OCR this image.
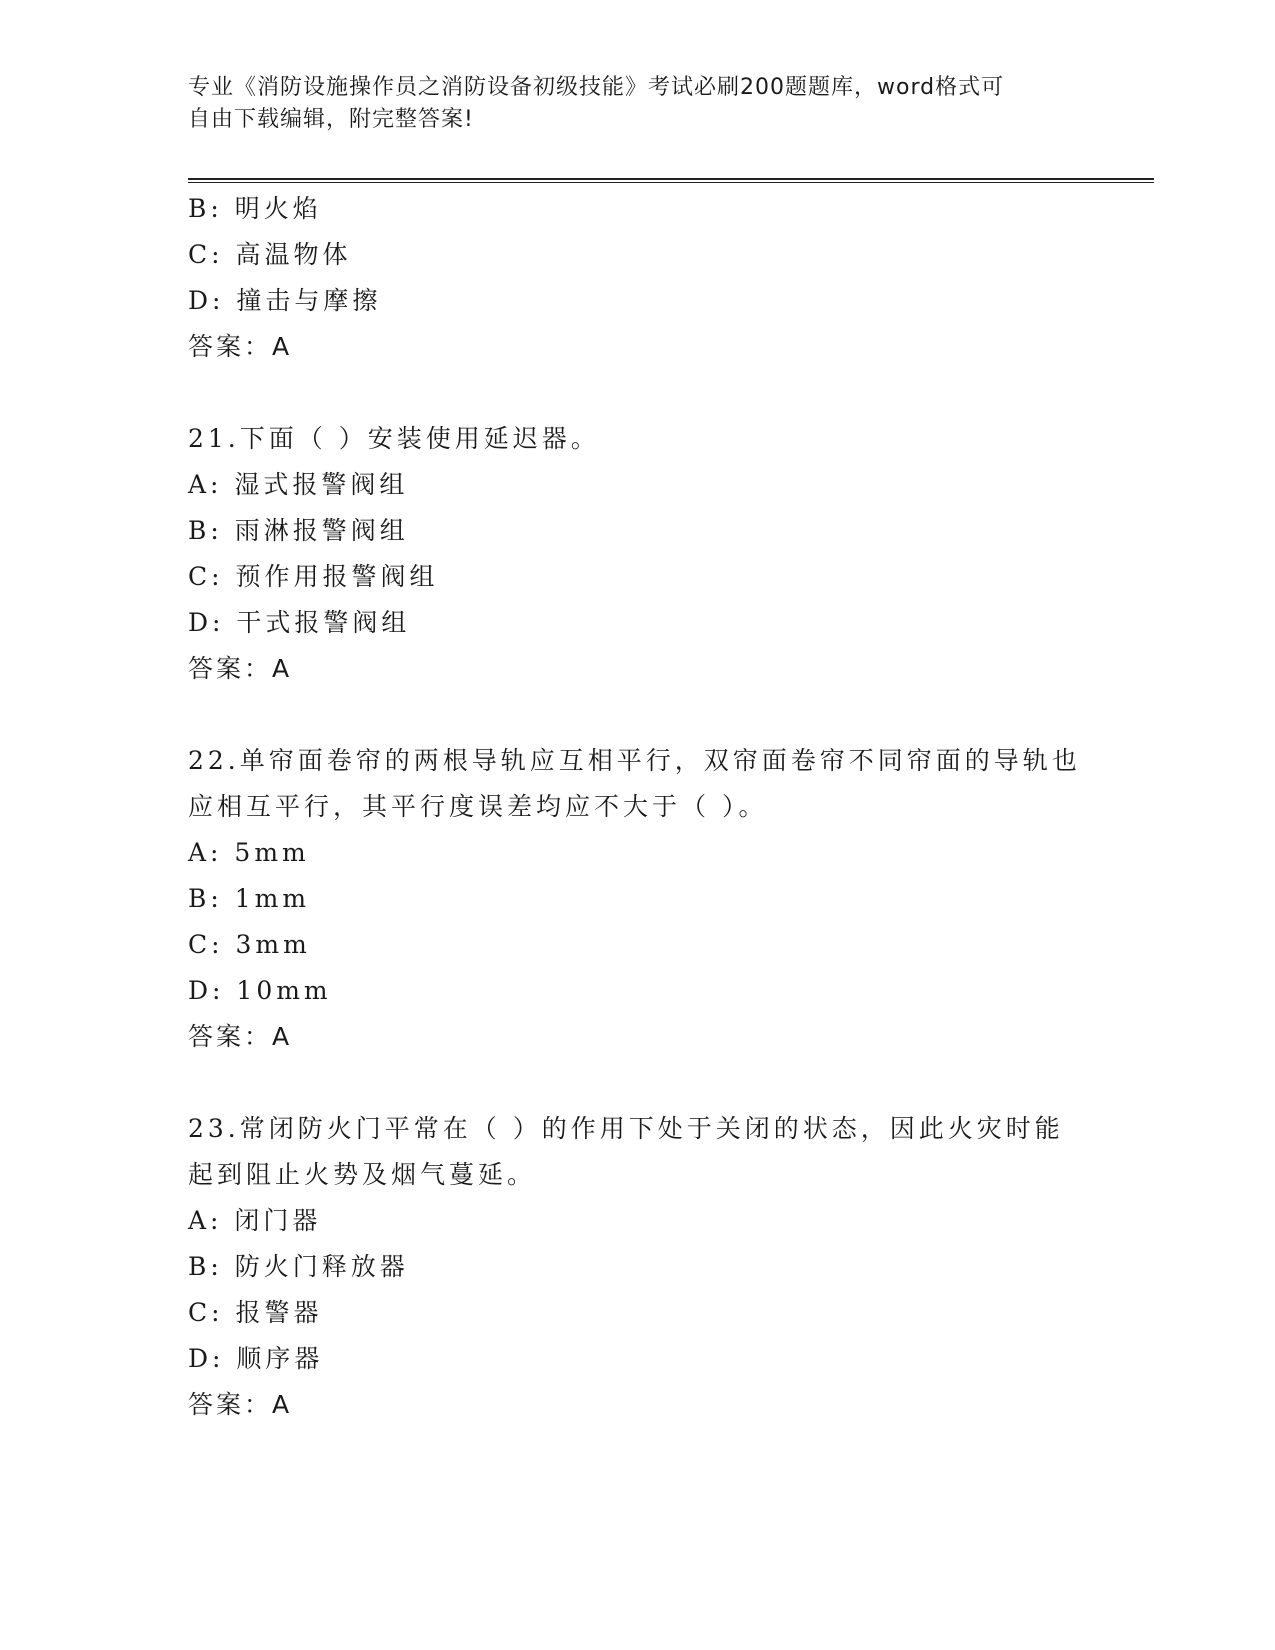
专业《消防设施操作员之消防设备初级技能》考试必刷200题题库，word格式可
自由下载编辑，附完整答案!
B: 明火焰
C: 高温物体
D: 撞击与摩擦
答案：A
21.下面（ ）安装使用延迟器。
A: 湿式报警阀组
B: 雨淋报警阀组
C: 预作用报警阀组
D: 干式报警阀组
答案：A
22.单帘面卷帘的两根导轨应互相平行，双帘面卷帘不同帘面的导轨也
应相互平行，其平行度误差均应不大于（ ）。
A: 5mm
B: 1mm
C: 3mm
D: 10mm
答案：A
23.常闭防火门平常在（ ）的作用下处于关闭的状态，因此火灾时能
起到阻止火势及烟气蔓延。
A: 闭门器
B: 防火门释放器
C: 报警器
D: 顺序器
答案：A
